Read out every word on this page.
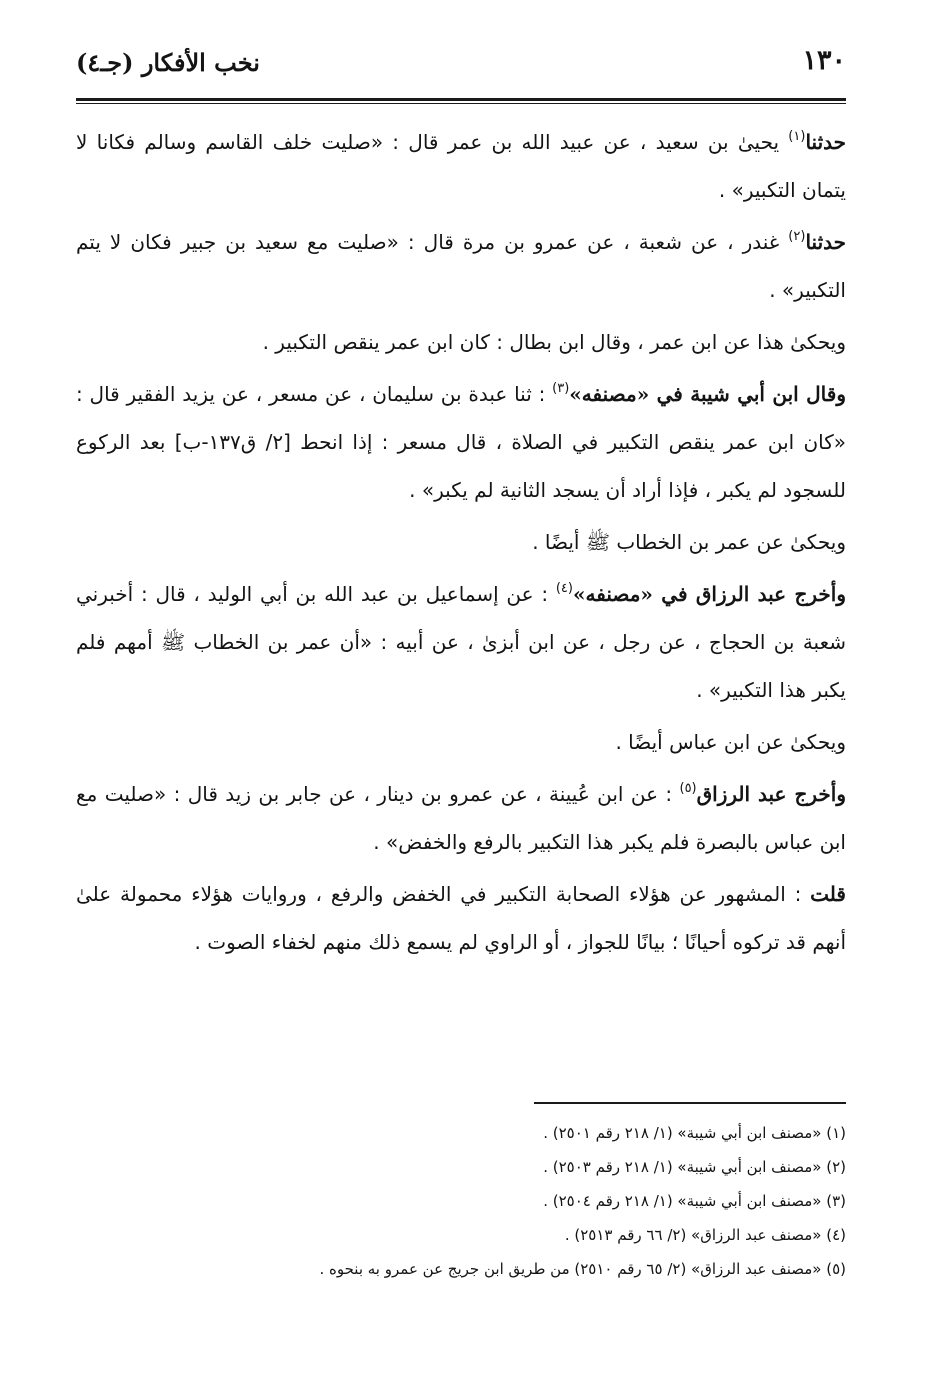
١٣٠
نخب الأفكار (جـ٤)

حدثنا$^{(١)}$ يحيىٰ بن سعيد ، عن عبيد الله بن عمر قال : «صليت خلف القاسم وسالم فكانا لا يتمان التكبير» .

حدثنا$^{(٢)}$ غندر ، عن شعبة ، عن عمرو بن مرة قال : «صليت مع سعيد بن جبير فكان لا يتم التكبير» .

ويحكىٰ هذا عن ابن عمر ، وقال ابن بطال : كان ابن عمر ينقص التكبير .

وقال ابن أبي شيبة في «مصنفه»$^{(٣)}$ : ثنا عبدة بن سليمان ، عن مسعر ، عن يزيد الفقير قال : «كان ابن عمر ينقص التكبير في الصلاة ، قال مسعر : إذا انحط [٢/ ق١٣٧-ب] بعد الركوع للسجود لم يكبر ، فإذا أراد أن يسجد الثانية لم يكبر» .

ويحكىٰ عن عمر بن الخطاب ﷺ أيضًا .

وأخرج عبد الرزاق في «مصنفه»$^{(٤)}$ : عن إسماعيل بن عبد الله بن أبي الوليد ، قال : أخبرني شعبة بن الحجاج ، عن رجل ، عن ابن أبزىٰ ، عن أبيه : «أن عمر بن الخطاب ﷺ أمهم فلم يكبر هذا التكبير» .

ويحكىٰ عن ابن عباس أيضًا .

وأخرج عبد الرزاق$^{(٥)}$ : عن ابن عُيينة ، عن عمرو بن دينار ، عن جابر بن زيد قال : «صليت مع ابن عباس بالبصرة فلم يكبر هذا التكبير بالرفع والخفض» .

قلت : المشهور عن هؤلاء الصحابة التكبير في الخفض والرفع ، وروايات هؤلاء محمولة علىٰ أنهم قد تركوه أحيانًا ؛ بيانًا للجواز ، أو الراوي لم يسمع ذلك منهم لخفاء الصوت .

(١) «مصنف ابن أبي شيبة» (١/ ٢١٨ رقم ٢٥٠١) .
(٢) «مصنف ابن أبي شيبة» (١/ ٢١٨ رقم ٢٥٠٣) .
(٣) «مصنف ابن أبي شيبة» (١/ ٢١٨ رقم ٢٥٠٤) .
(٤) «مصنف عبد الرزاق» (٢/ ٦٦ رقم ٢٥١٣) .
(٥) «مصنف عبد الرزاق» (٢/ ٦٥ رقم ٢٥١٠) من طريق ابن جريج عن عمرو به بنحوه .
